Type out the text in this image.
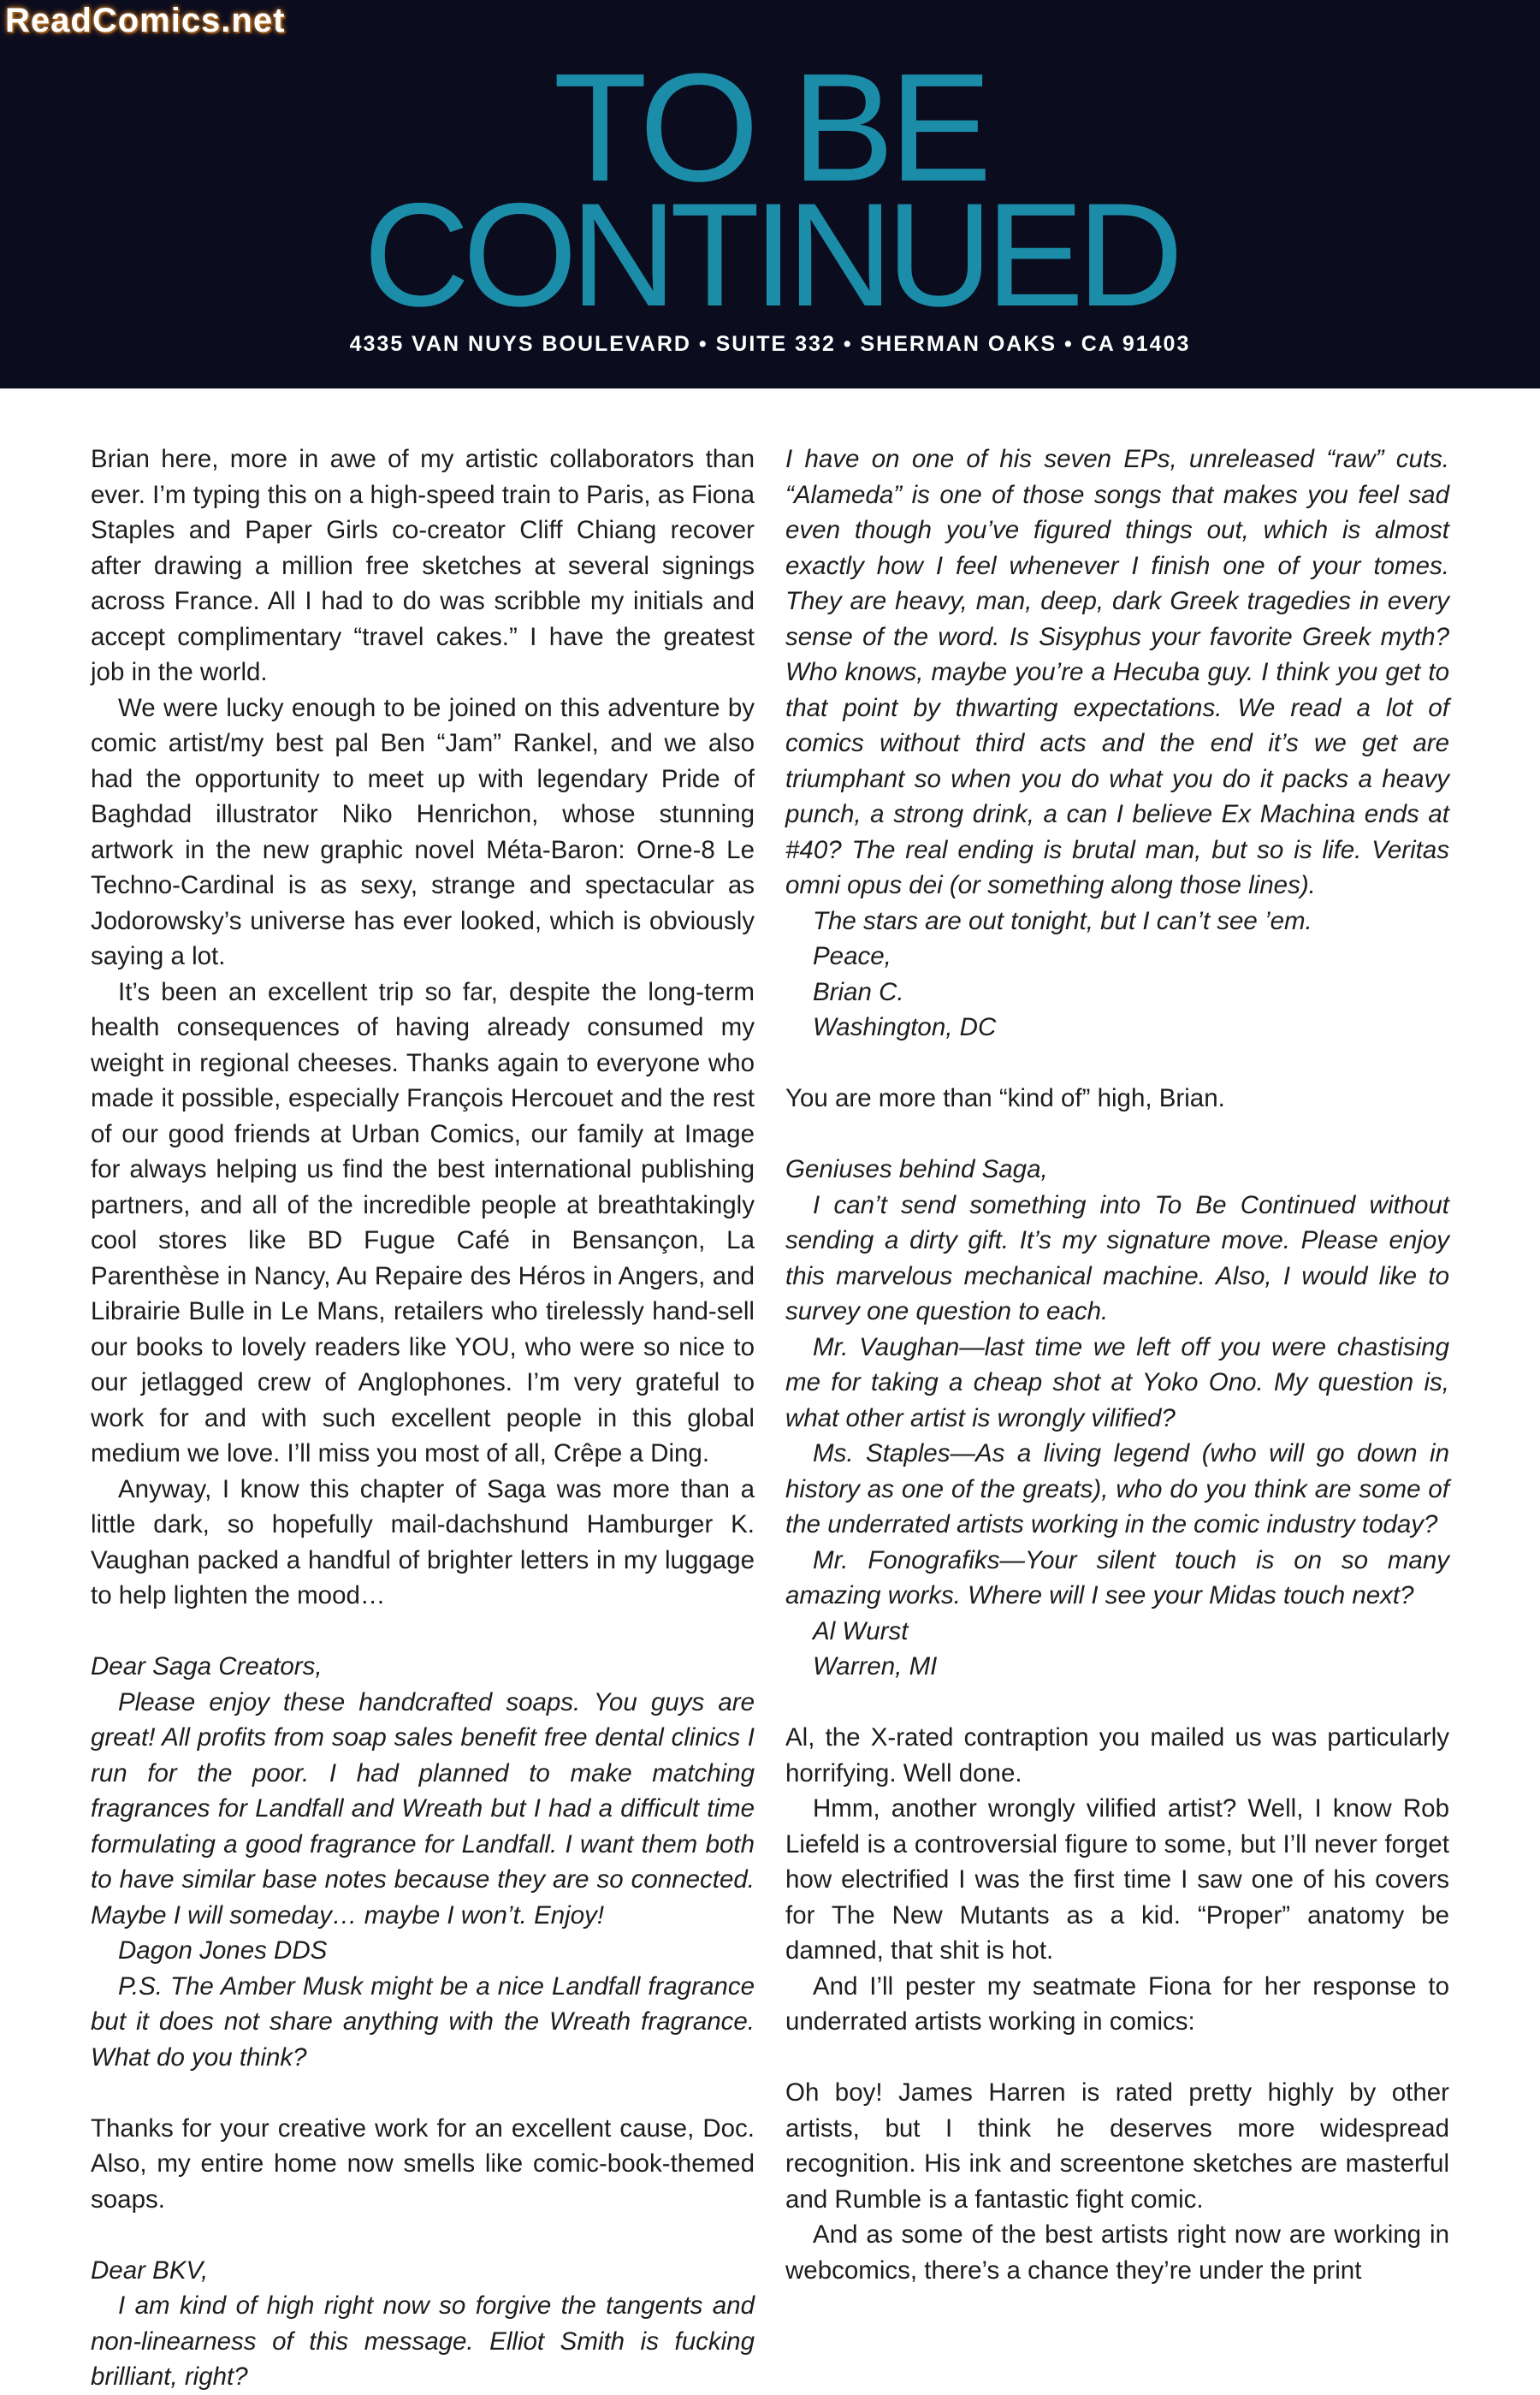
ReadComics.net
TO BE
CONTINUED
4335 VAN NUYS BOULEVARD • SUITE 332 • SHERMAN OAKS • CA 91403

Brian here, more in awe of my artistic collaborators than ever. I’m typing this on a high-speed train to Paris, as Fiona Staples and Paper Girls co-creator Cliff Chiang recover after drawing a million free sketches at several signings across France. All I had to do was scribble my initials and accept complimentary “travel cakes.” I have the greatest job in the world.

We were lucky enough to be joined on this adventure by comic artist/my best pal Ben “Jam” Rankel, and we also had the opportunity to meet up with legendary Pride of Baghdad illustrator Niko Henrichon, whose stunning artwork in the new graphic novel Méta-Baron: Orne-8 Le Techno-Cardinal is as sexy, strange and spectacular as Jodorowsky’s universe has ever looked, which is obviously saying a lot.

It’s been an excellent trip so far, despite the long-term health consequences of having already consumed my weight in regional cheeses. Thanks again to everyone who made it possible, especially François Hercouet and the rest of our good friends at Urban Comics, our family at Image for always helping us find the best international publishing partners, and all of the incredible people at breathtakingly cool stores like BD Fugue Café in Bensançon, La Parenthèse in Nancy, Au Repaire des Héros in Angers, and Librairie Bulle in Le Mans, retailers who tirelessly hand-sell our books to lovely readers like YOU, who were so nice to our jetlagged crew of Anglophones. I’m very grateful to work for and with such excellent people in this global medium we love. I’ll miss you most of all, Crêpe a Ding.

Anyway, I know this chapter of Saga was more than a little dark, so hopefully mail-dachshund Hamburger K. Vaughan packed a handful of brighter letters in my luggage to help lighten the mood…

Dear Saga Creators,

Please enjoy these handcrafted soaps. You guys are great! All profits from soap sales benefit free dental clinics I run for the poor. I had planned to make matching fragrances for Landfall and Wreath but I had a difficult time formulating a good fragrance for Landfall. I want them both to have similar base notes because they are so connected. Maybe I will someday… maybe I won’t. Enjoy!

Dagon Jones DDS

P.S. The Amber Musk might be a nice Landfall fragrance but it does not share anything with the Wreath fragrance. What do you think?

Thanks for your creative work for an excellent cause, Doc. Also, my entire home now smells like comic-book-themed soaps.

Dear BKV,

I am kind of high right now so forgive the tangents and non-linearness of this message. Elliot Smith is fucking brilliant, right?

I have on one of his seven EPs, unreleased “raw” cuts. “Alameda” is one of those songs that makes you feel sad even though you’ve figured things out, which is almost exactly how I feel whenever I finish one of your tomes. They are heavy, man, deep, dark Greek tragedies in every sense of the word. Is Sisyphus your favorite Greek myth? Who knows, maybe you’re a Hecuba guy. I think you get to that point by thwarting expectations. We read a lot of comics without third acts and the end it’s we get are triumphant so when you do what you do it packs a heavy punch, a strong drink, a can I believe Ex Machina ends at #40? The real ending is brutal man, but so is life. Veritas omni opus dei (or something along those lines).

The stars are out tonight, but I can’t see ’em.

Peace,

Brian C.

Washington, DC

You are more than “kind of” high, Brian.

Geniuses behind Saga,

I can’t send something into To Be Continued without sending a dirty gift. It’s my signature move. Please enjoy this marvelous mechanical machine. Also, I would like to survey one question to each.

Mr. Vaughan—last time we left off you were chastising me for taking a cheap shot at Yoko Ono. My question is, what other artist is wrongly vilified?

Ms. Staples—As a living legend (who will go down in history as one of the greats), who do you think are some of the underrated artists working in the comic industry today?

Mr. Fonografiks—Your silent touch is on so many amazing works. Where will I see your Midas touch next?

Al Wurst

Warren, MI

Al, the X-rated contraption you mailed us was particularly horrifying. Well done.

Hmm, another wrongly vilified artist? Well, I know Rob Liefeld is a controversial figure to some, but I’ll never forget how electrified I was the first time I saw one of his covers for The New Mutants as a kid. “Proper” anatomy be damned, that shit is hot.

And I’ll pester my seatmate Fiona for her response to underrated artists working in comics:

Oh boy! James Harren is rated pretty highly by other artists, but I think he deserves more widespread recognition. His ink and screentone sketches are masterful and Rumble is a fantastic fight comic.

And as some of the best artists right now are working in webcomics, there’s a chance they’re under the print
